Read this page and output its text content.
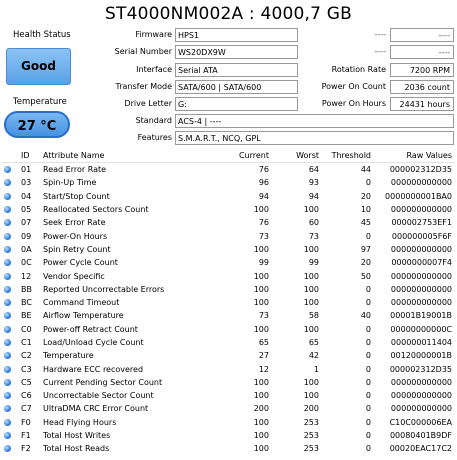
ST4000NM002A : 4000,7 GB
Health Status
Good
Temperature
27 °C
Firmware HPS1
Serial Number WS20DX9W
Interface Serial ATA
Transfer Mode SATA/600 | SATA/600
Drive Letter G:
Standard ACS-4 | ----
Features S.M.A.R.T., NCQ, GPL
----	----
----	----
Rotation Rate	7200 RPM
Power On Count	2036 count
Power On Hours	24431 hours
	ID	Attribute Name	Current	Worst	Threshold	Raw Values
	01	Read Error Rate	76	64	44	000002312D35
	03	Spin-Up Time	96	93	0	000000000000
	04	Start/Stop Count	94	94	20	0000000001BA0
	05	Reallocated Sectors Count	100	100	10	000000000000
	07	Seek Error Rate	76	60	45	000002753EF1
	09	Power-On Hours	73	73	0	000000005F6F
	0A	Spin Retry Count	100	100	97	000000000000
	0C	Power Cycle Count	99	99	20	0000000007F4
	12	Vendor Specific	100	100	50	000000000000
	BB	Reported Uncorrectable Errors	100	100	0	000000000000
	BC	Command Timeout	100	100	0	000000000000
	BE	Airflow Temperature	73	58	40	00001B19001B
	C0	Power-off Retract Count	100	100	0	00000000000C
	C1	Load/Unload Cycle Count	65	65	0	000000011404
	C2	Temperature	27	42	0	00120000001B
	C3	Hardware ECC recovered	12	1	0	000002312D35
	C5	Current Pending Sector Count	100	100	0	000000000000
	C6	Uncorrectable Sector Count	100	100	0	000000000000
	C7	UltraDMA CRC Error Count	200	200	0	000000000000
	F0	Head Flying Hours	100	253	0	C10C000006EA
	F1	Total Host Writes	100	253	0	00080401B9DF
	F2	Total Host Reads	100	253	0	00020EAC17C2
